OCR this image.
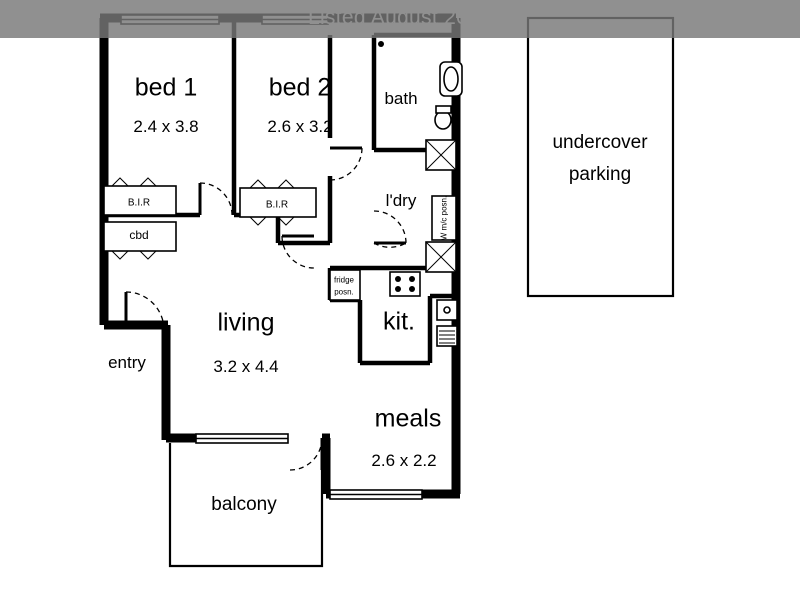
bed 1
2.4 x 3.8
bed 2
2.6 x 3.2
living
3.2 x 4.4
meals
2.6 x 2.2
kit.
bath
l'dry
balcony
entry
B.I.R	B.I.R
cbd
fridge
posn.
W m/c posn.
undercover
parking
